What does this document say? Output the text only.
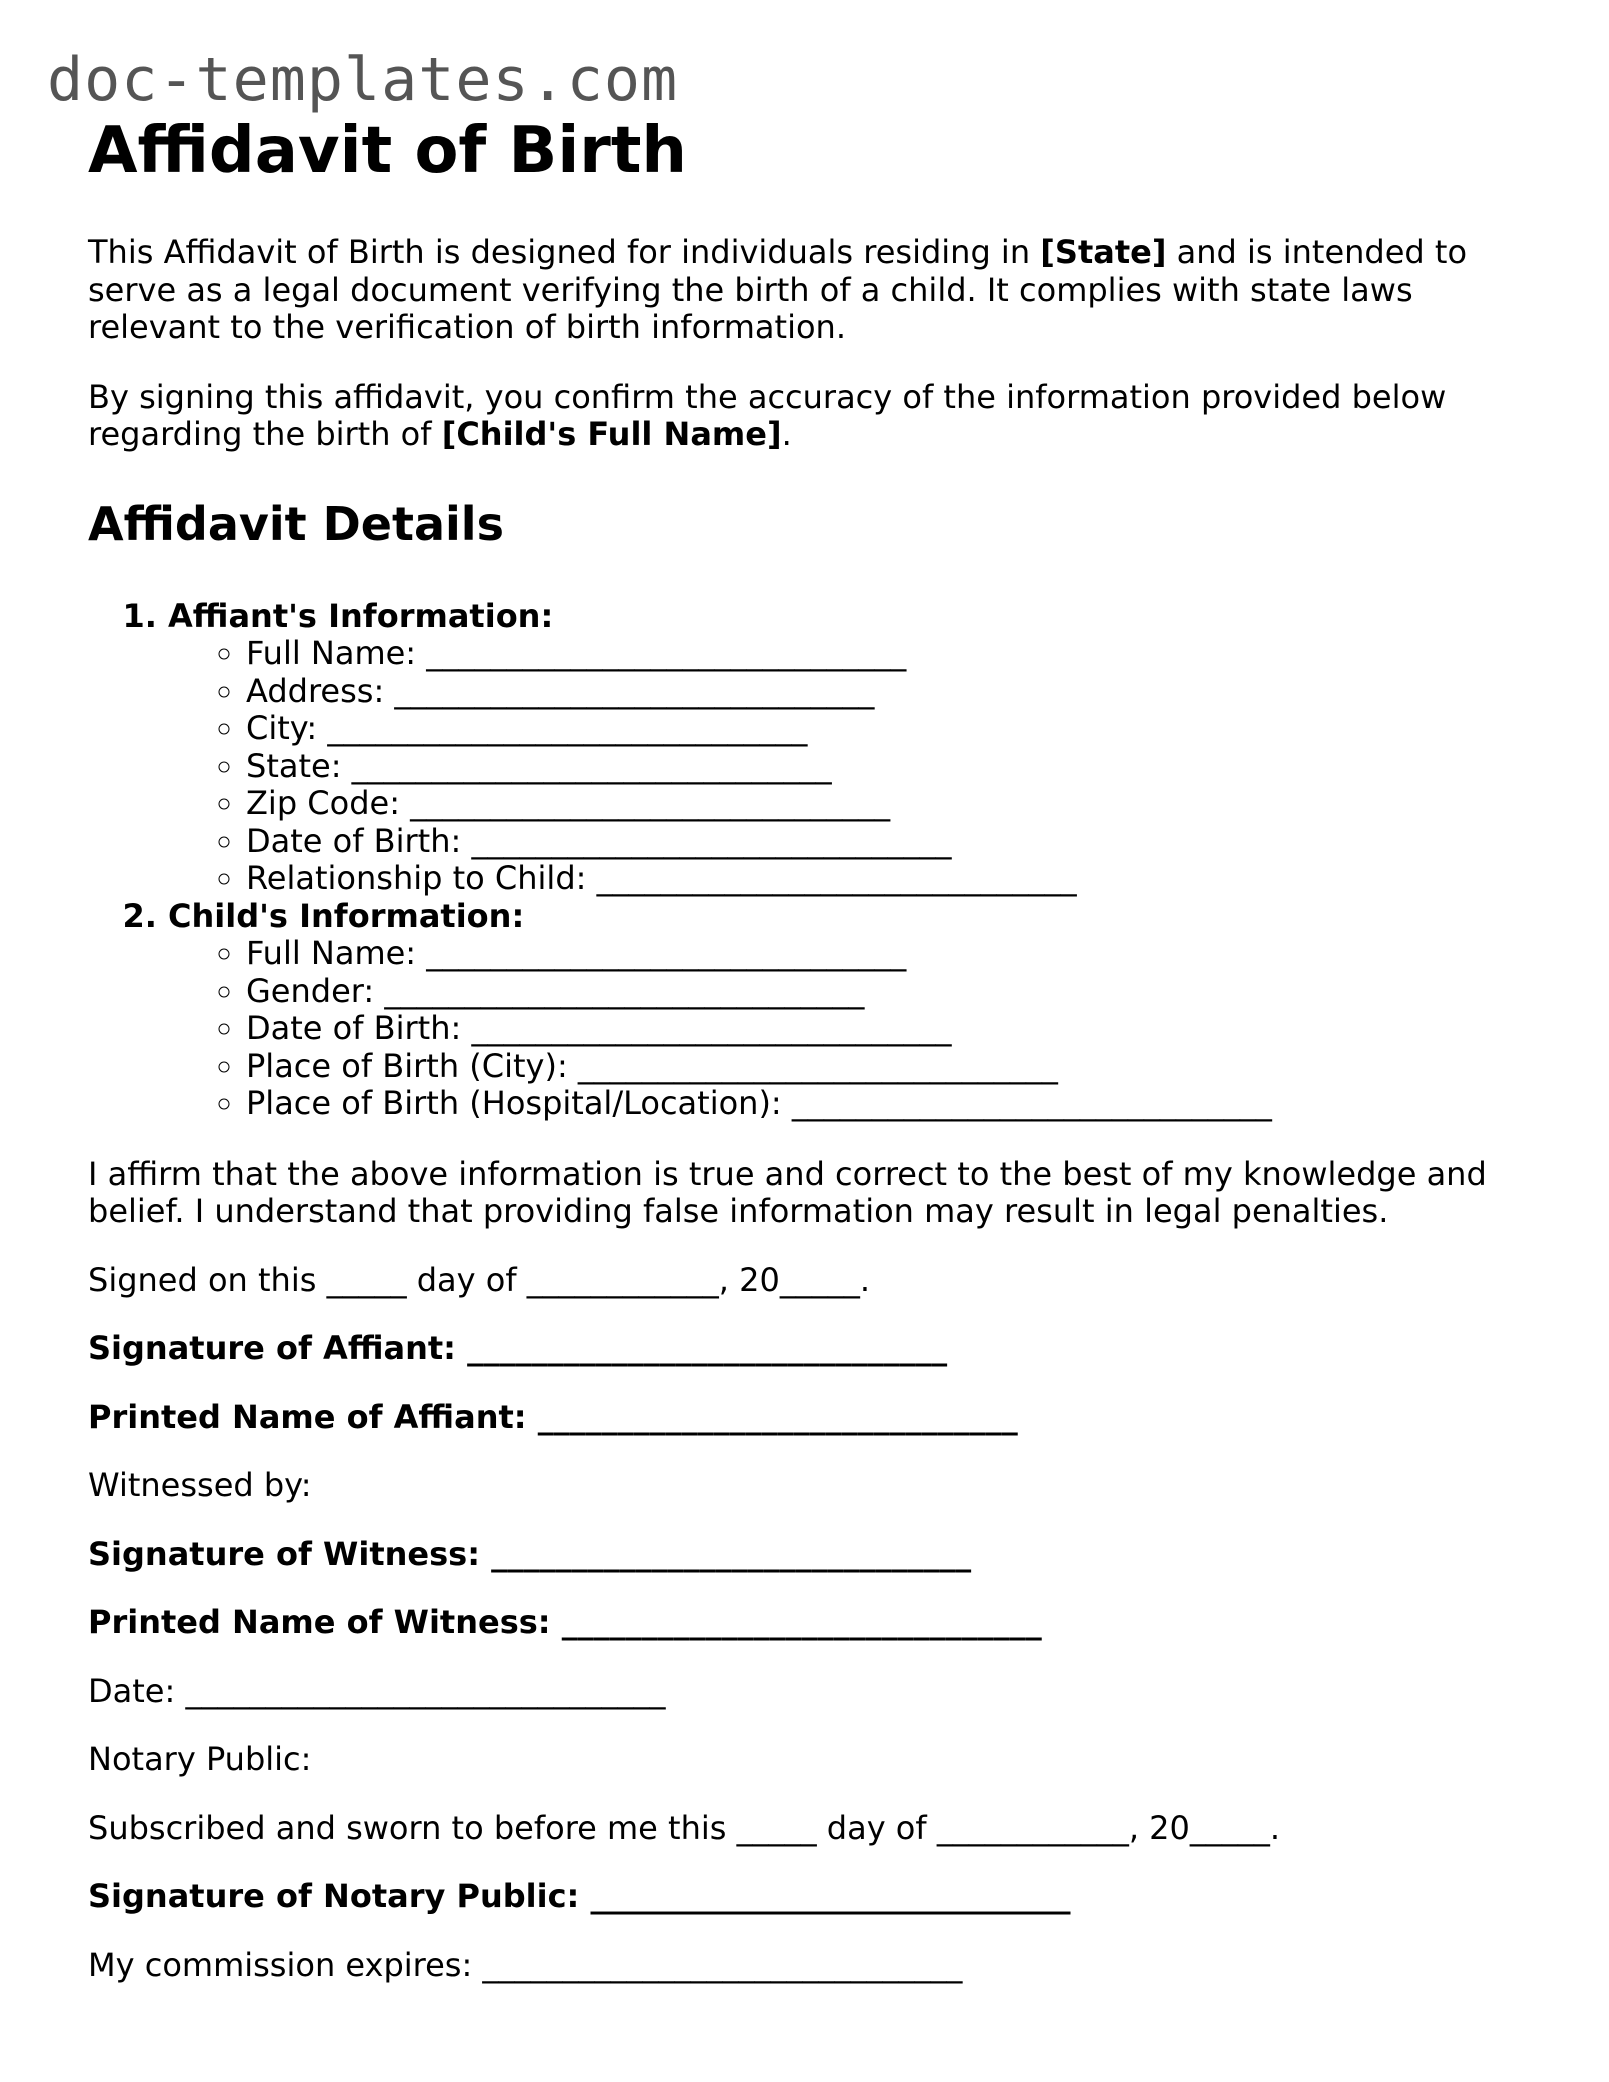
doc-templates.com
Affidavit of Birth

This Affidavit of Birth is designed for individuals residing in [State] and is intended to serve as a legal document verifying the birth of a child. It complies with state laws relevant to the verification of birth information.

By signing this affidavit, you confirm the accuracy of the information provided below regarding the birth of [Child's Full Name].

Affidavit Details
1. Affiant's Information:
◦ Full Name: ______________________________
◦ Address: ______________________________
◦ City: ______________________________
◦ State: ______________________________
◦ Zip Code: ______________________________
◦ Date of Birth: ______________________________
◦ Relationship to Child: ______________________________
2. Child's Information:
◦ Full Name: ______________________________
◦ Gender: ______________________________
◦ Date of Birth: ______________________________
◦ Place of Birth (City): ______________________________
◦ Place of Birth (Hospital/Location): ______________________________

I affirm that the above information is true and correct to the best of my knowledge and belief. I understand that providing false information may result in legal penalties.

Signed on this _____ day of ____________, 20_____.

Signature of Affiant: ______________________________

Printed Name of Affiant: ______________________________

Witnessed by:

Signature of Witness: ______________________________

Printed Name of Witness: ______________________________

Date: ______________________________

Notary Public:

Subscribed and sworn to before me this _____ day of ____________, 20_____.

Signature of Notary Public: ______________________________

My commission expires: ______________________________
